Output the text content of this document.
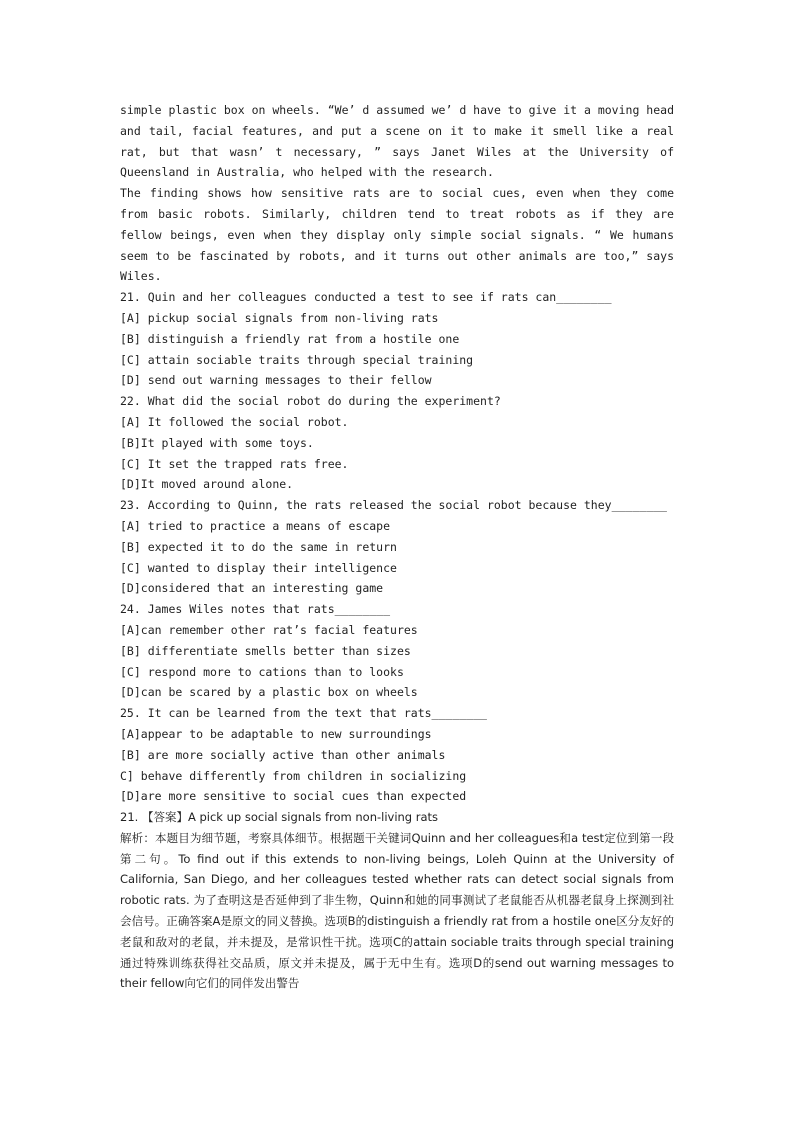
simple plastic box on wheels. “We’ d assumed we’ d have to give it a moving head and tail, facial features, and put a scene on it to make it smell like a real rat, but that wasn’ t necessary, ” says Janet Wiles at the University of Queensland in Australia, who helped with the research.

The finding shows how sensitive rats are to social cues, even when they come from basic robots. Similarly, children tend to treat robots as if they are fellow beings, even when they display only simple social signals. “ We humans seem to be fascinated by robots, and it turns out other animals are too,” says Wiles.

21. Quin and her colleagues conducted a test to see if rats can________

[A] pickup social signals from non-living rats

[B] distinguish a friendly rat from a hostile one

[C] attain sociable traits through special training

[D] send out warning messages to their fellow

22. What did the social robot do during the experiment?

[A] It followed the social robot.

[B]It played with some toys.

[C] It set the trapped rats free.

[D]It moved around alone.

23. According to Quinn, the rats released the social robot because they________

[A] tried to practice a means of escape

[B] expected it to do the same in return

[C] wanted to display their intelligence

[D]considered that an interesting game

24. James Wiles notes that rats________

[A]can remember other rat’s facial features

[B] differentiate smells better than sizes

[C] respond more to cations than to looks

[D]can be scared by a plastic box on wheels

25. It can be learned from the text that rats________

[A]appear to be adaptable to new surroundings

[B] are more socially active than other animals

C] behave differently from children in socializing

[D]are more sensitive to social cues than expected

21. 【答案】A pick up social signals from non-living rats

解析：本题目为细节题，考察具体细节。根据题干关键词Quinn and her colleagues和a test定位到第一段第二句。To find out if this extends to non-living beings, Loleh Quinn at the University of California, San Diego, and her colleagues tested whether rats can detect social signals from robotic rats. 为了查明这是否延伸到了非生物，Quinn和她的同事测试了老鼠能否从机器老鼠身上探测到社会信号。正确答案A是原文的同义替换。选项B的distinguish a friendly rat from a hostile one区分友好的老鼠和敌对的老鼠，并未提及，是常识性干扰。选项C的attain sociable traits through special training通过特殊训练获得社交品质，原文并未提及，属于无中生有。选项D的send out warning messages to their fellow向它们的同伴发出警告
